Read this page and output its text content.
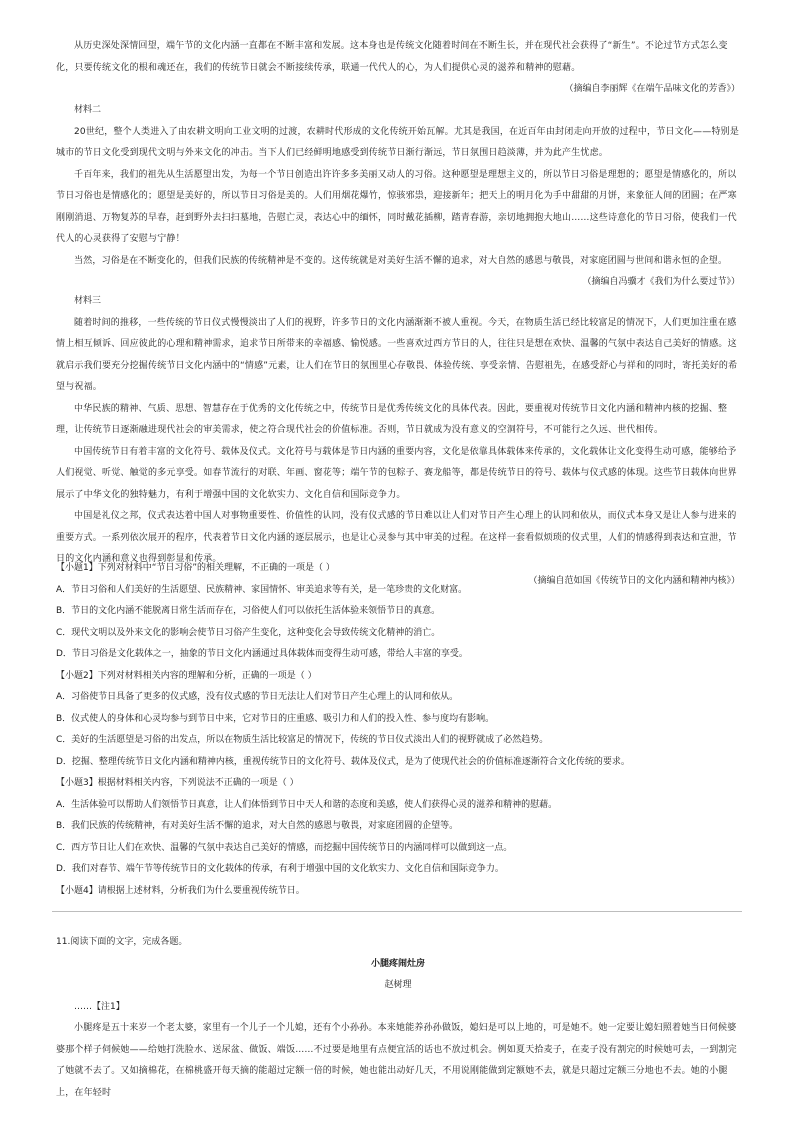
从历史深处深情回望，端午节的文化内涵一直都在不断丰富和发展。这本身也是传统文化随着时间在不断生长，并在现代社会获得了“新生”。不论过节方式怎么变化，只要传统文化的根和魂还在，我们的传统节日就会不断接续传承，联通一代代人的心，为人们提供心灵的滋养和精神的慰藉。

（摘编自李丽辉《在端午品味文化的芳香》）

材料二

20世纪，整个人类进入了由农耕文明向工业文明的过渡，农耕时代形成的文化传统开始瓦解。尤其是我国，在近百年由封闭走向开放的过程中，节日文化——特别是城市的节日文化受到现代文明与外来文化的冲击。当下人们已经鲜明地感受到传统节日渐行渐远，节日氛围日趋淡薄，并为此产生忧虑。

千百年来，我们的祖先从生活愿望出发，为每一个节日创造出许许多多美丽又动人的习俗。这种愿望是理想主义的，所以节日习俗是理想的；愿望是情感化的，所以节日习俗也是情感化的；愿望是美好的，所以节日习俗是美的。人们用烟花爆竹，惊骇邪祟，迎接新年；把天上的明月化为手中甜甜的月饼，来象征人间的团圆；在严寒刚刚消退、万物复苏的早春，赶到野外去扫扫墓地，告慰亡灵，表达心中的缅怀，同时戴花插柳，踏青春游，亲切地拥抱大地山……这些诗意化的节日习俗，使我们一代代人的心灵获得了安慰与宁静！

当然，习俗是在不断变化的，但我们民族的传统精神是不变的。这传统就是对美好生活不懈的追求，对大自然的感恩与敬畏，对家庭团圆与世间和谐永恒的企望。

（摘编自冯骥才《我们为什么要过节》）

材料三

随着时间的推移，一些传统的节日仪式慢慢淡出了人们的视野，许多节日的文化内涵渐渐不被人重视。今天，在物质生活已经比较富足的情况下，人们更加注重在感情上相互倾诉、回应彼此的心理和精神需求，追求节日所带来的幸福感、愉悦感。一些喜欢过西方节日的人，往往只是想在欢快、温馨的气氛中表达自己美好的情感。这就启示我们要充分挖掘传统节日文化内涵中的“情感”元素，让人们在节日的氛围里心存敬畏、体验传统、享受亲情、告慰祖先，在感受舒心与祥和的同时，寄托美好的希望与祝福。

中华民族的精神、气质、思想、智慧存在于优秀的文化传统之中，传统节日是优秀传统文化的具体代表。因此，要重视对传统节日文化内涵和精神内核的挖掘、整理，让传统节日逐渐融进现代社会的审美需求，使之符合现代社会的价值标准。否则，节日就成为没有意义的空洞符号，不可能行之久远、世代相传。

中国传统节日有着丰富的文化符号、载体及仪式。文化符号与载体是节日内涵的重要内容，文化是依靠具体载体来传承的，文化载体让文化变得生动可感，能够给予人们视觉、听觉、触觉的多元享受。如春节流行的对联、年画、窗花等；端午节的包粽子、赛龙船等，都是传统节日的符号、载体与仪式感的体现。这些节日载体向世界展示了中华文化的独特魅力，有利于增强中国的文化软实力、文化自信和国际竞争力。

中国是礼仪之邦，仪式表达着中国人对事物重要性、价值性的认同，没有仪式感的节日难以让人们对节日产生心理上的认同和依从，而仪式本身又是让人参与进来的重要方式。一系列依次展开的程序，代表着节日文化内涵的逐层展示，也是让心灵参与其中审美的过程。在这样一套看似烦琐的仪式里，人们的情感得到表达和宣泄，节日的文化内涵和意义也得到彰显和传承。

（摘编自范如国《传统节日的文化内涵和精神内核》）

【小题1】下列对材料中“节日习俗”的相关理解，不正确的一项是（ ）

A．节日习俗和人们美好的生活愿望、民族精神、家国情怀、审美追求等有关，是一笔珍贵的文化财富。

B．节日的文化内涵不能脱离日常生活而存在，习俗使人们可以依托生活体验来领悟节日的真意。

C．现代文明以及外来文化的影响会使节日习俗产生变化，这种变化会导致传统文化精神的消亡。

D．节日习俗是文化载体之一，抽象的节日文化内涵通过具体载体而变得生动可感，带给人丰富的享受。

【小题2】下列对材料相关内容的理解和分析，正确的一项是（ ）

A．习俗使节日具备了更多的仪式感，没有仪式感的节日无法让人们对节日产生心理上的认同和依从。

B．仪式使人的身体和心灵均参与到节日中来，它对节日的庄重感、吸引力和人们的投入性、参与度均有影响。

C．美好的生活愿望是习俗的出发点，所以在物质生活比较富足的情况下，传统的节日仪式淡出人们的视野就成了必然趋势。

D．挖掘、整理传统节日文化内涵和精神内核，重视传统节日的文化符号、载体及仪式，是为了使现代社会的价值标准逐渐符合文化传统的要求。

【小题3】根据材料相关内容，下列说法不正确的一项是（ ）

A．生活体验可以帮助人们领悟节日真意，让人们体悟到节日中天人和谐的态度和美感，使人们获得心灵的滋养和精神的慰藉。

B．我们民族的传统精神，有对美好生活不懈的追求，对大自然的感恩与敬畏，对家庭团圆的企望等。

C．西方节日让人们在欢快、温馨的气氛中表达自己美好的情感，而挖掘中国传统节日的内涵同样可以做到这一点。

D．我们对春节、端午节等传统节日的文化载体的传承，有利于增强中国的文化软实力、文化自信和国际竞争力。

【小题4】请根据上述材料，分析我们为什么要重视传统节日。

11.阅读下面的文字，完成各题。

小腿疼闹灶房

赵树理

……【注1】

小腿疼是五十来岁一个老太婆，家里有一个儿子一个儿媳，还有个小孙孙。本来她能养孙孙做饭，媳妇是可以上地的，可是她不。她一定要让媳妇照着她当日伺候婆婆那个样子伺候她——给她打洗脸水、送尿盆、做饭、端饭……不过要是地里有点便宜活的话也不放过机会。例如夏天拾麦子，在麦子没有割完的时候她可去，一到割完了她就不去了。又如摘棉花，在棉桃盛开每天摘的能超过定额一倍的时候，她也能出动好几天，不用说刚能做到定额她不去，就是只超过定额三分地也不去。她的小腿上，在年轻时
